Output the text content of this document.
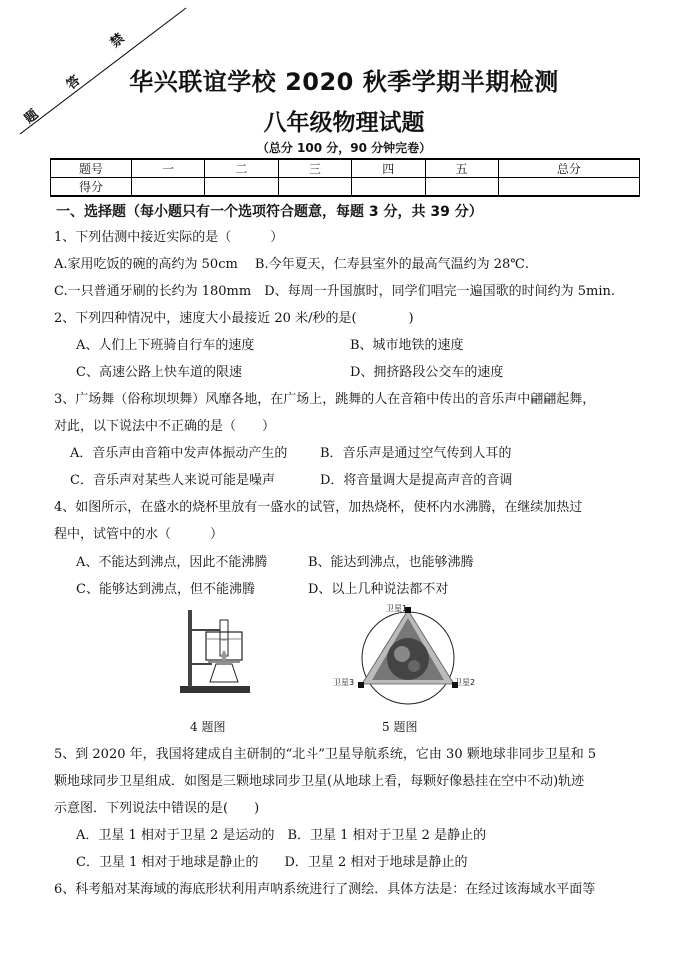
题
答
禁
华兴联谊学校 2020 秋季学期半期检测
八年级物理试题
（总分 100 分，90 分钟完卷）
题号	一	二	三	四	五	总分
得分						
一、选择题（每小题只有一个选项符合题意，每题 3 分，共 39 分）
1、下列估测中接近实际的是（　　　）
A.家用吃饭的碗的高约为 50cm　 B.今年夏天，仁寿县室外的最高气温约为 28℃.
C.一只普通牙刷的长约为 180mm　D、每周一升国旗时，同学们唱完一遍国歌的时间约为 5min.
2、下列四种情况中，速度大小最接近 20 米/秒的是(　　　　)
A、人们上下班骑自行车的速度	B、城市地铁的速度
C、高速公路上快车道的限速	D、拥挤路段公交车的速度
3、广场舞（俗称坝坝舞）风靡各地，在广场上，跳舞的人在音箱中传出的音乐声中翩翩起舞，
对此，以下说法中不正确的是（　　）
A．音乐声由音箱中发声体振动产生的	B．音乐声是通过空气传到人耳的
C．音乐声对某些人来说可能是噪声	D．将音量调大是提高声音的音调
4、如图所示，在盛水的烧杯里放有一盛水的试管，加热烧杯，使杯内水沸腾，在继续加热过
程中，试管中的水（　　　）
A、不能达到沸点，因此不能沸腾	B、能达到沸点，也能够沸腾
C、能够达到沸点，但不能沸腾	D、以上几种说法都不对
4 题图
卫星1
卫星2
卫星3
5 题图
5、到 2020 年，我国将建成自主研制的“北斗”卫星导航系统，它由 30 颗地球非同步卫星和 5
颗地球同步卫星组成．如图是三颗地球同步卫星(从地球上看，每颗好像悬挂在空中不动)轨迹
示意图．下列说法中错误的是(　　)
A．卫星 1 相对于卫星 2 是运动的　B．卫星 1 相对于卫星 2 是静止的
C．卫星 1 相对于地球是静止的　　D．卫星 2 相对于地球是静止的
6、科考船对某海域的海底形状利用声呐系统进行了测绘．具体方法是：在经过该海域水平面等
